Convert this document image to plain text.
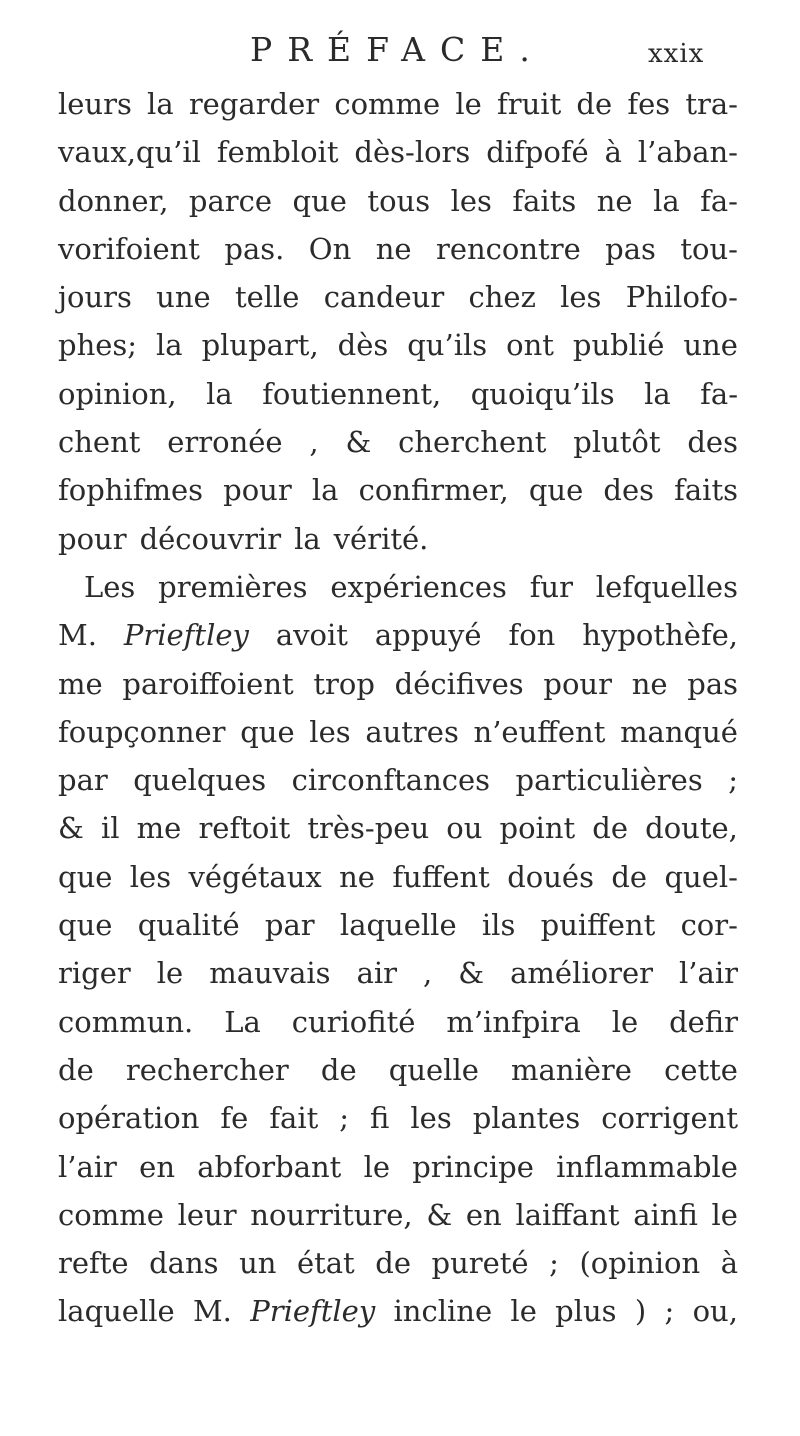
PRÉFACE.	xxix
leurs la regarder comme le fruit de fes tra-
vaux,qu’il fembloit dès-lors difpofé à l’aban-
donner, parce que tous les faits ne la fa-
vorifoient pas. On ne rencontre pas tou-
jours une telle candeur chez les Philofo-
phes; la plupart, dès qu’ils ont publié une
opinion, la foutiennent, quoiqu’ils la fa-
chent erronée , & cherchent plutôt des
fophifmes pour la confirmer, que des faits
pour découvrir la vérité.
Les premières expériences fur lefquelles
M. Prieftley avoit appuyé fon hypothèfe,
me paroiffoient trop décifives pour ne pas
foupçonner que les autres n’euffent manqué
par quelques circonftances particulières ;
& il me reftoit très-peu ou point de doute,
que les végétaux ne fuffent doués de quel-
que qualité par laquelle ils puiffent cor-
riger le mauvais air , & améliorer l’air
commun. La curiofité m’infpira le defir
de rechercher de quelle manière cette
opération fe fait ; fi les plantes corrigent
l’air en abforbant le principe inflammable
comme leur nourriture, & en laiffant ainfi le
refte dans un état de pureté ; (opinion à
laquelle M. Prieftley incline le plus ) ; ou,
